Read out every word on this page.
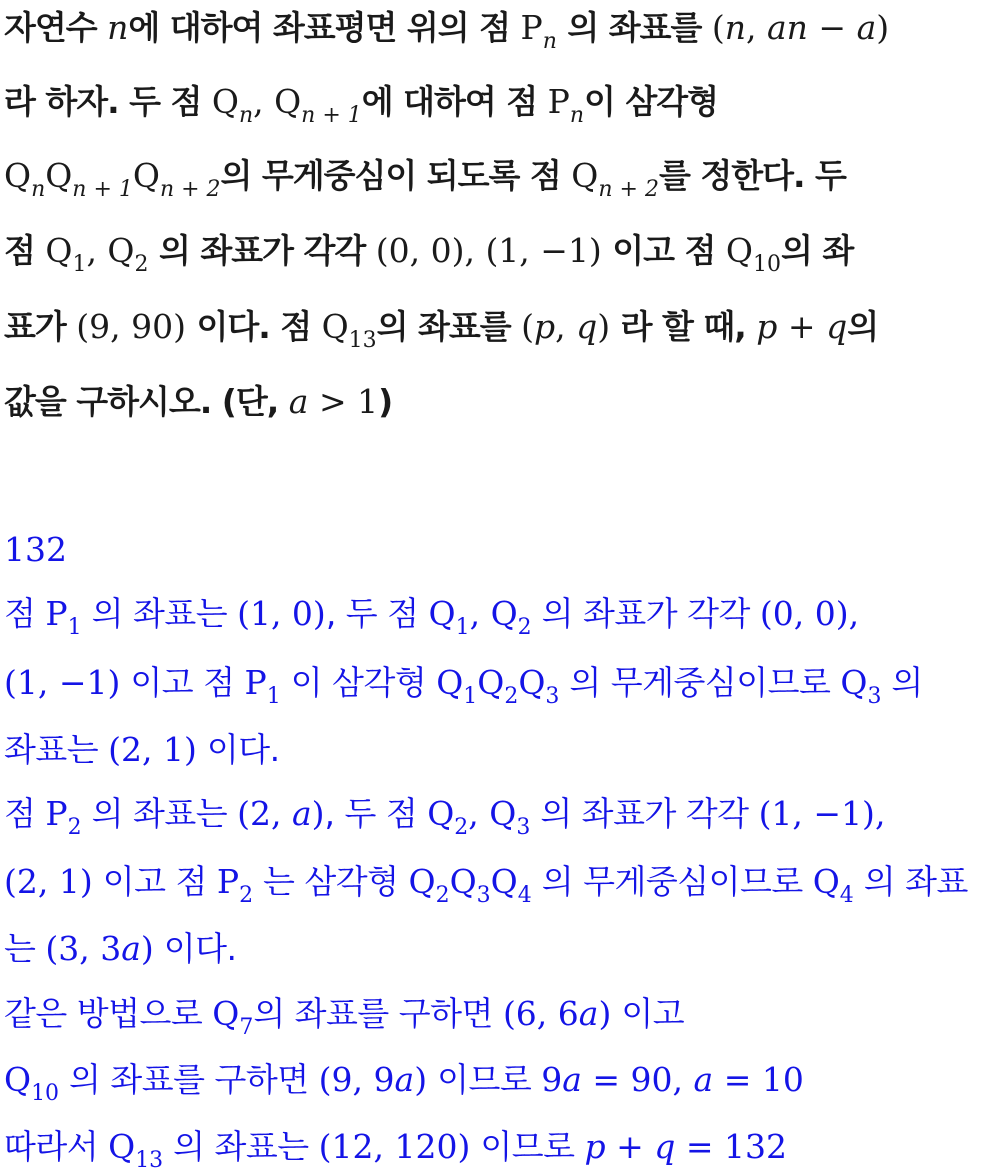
자연수 n에 대하여 좌표평면 위의 점 $P_n$ 의 좌표를 (n, an − a)
라 하자. 두 점 $Q_n$, $Q_{n + 1}$에 대하여 점 $P_n$이 삼각형
$Q_nQ_{n + 1}Q_{n + 2}$의 무게중심이 되도록 점 $Q_{n + 2}$를 정한다. 두
점 $Q_1$, $Q_2$ 의 좌표가 각각 (0, 0), (1, −1) 이고 점 $Q_{10}$의 좌
표가 (9, 90) 이다. 점 $Q_{13}$의 좌표를 (p, q) 라 할 때, p + q의
값을 구하시오. (단, a > 1)
132
점 $P_1$ 의 좌표는 (1, 0), 두 점 $Q_1$, $Q_2$ 의 좌표가 각각 (0, 0),
(1, −1) 이고 점 $P_1$ 이 삼각형 $Q_1Q_2Q_3$ 의 무게중심이므로 $Q_3$ 의
좌표는 (2, 1) 이다.
점 $P_2$ 의 좌표는 (2, a), 두 점 $Q_2$, $Q_3$ 의 좌표가 각각 (1, −1),
(2, 1) 이고 점 $P_2$ 는 삼각형 $Q_2Q_3Q_4$ 의 무게중심이므로 $Q_4$ 의 좌표
는 (3, 3a) 이다.
같은 방법으로 $Q_7$의 좌표를 구하면 (6, 6a) 이고
$Q_{10}$ 의 좌표를 구하면 (9, 9a) 이므로 9a = 90, a = 10
따라서 $Q_{13}$ 의 좌표는 (12, 120) 이므로 p + q = 132
